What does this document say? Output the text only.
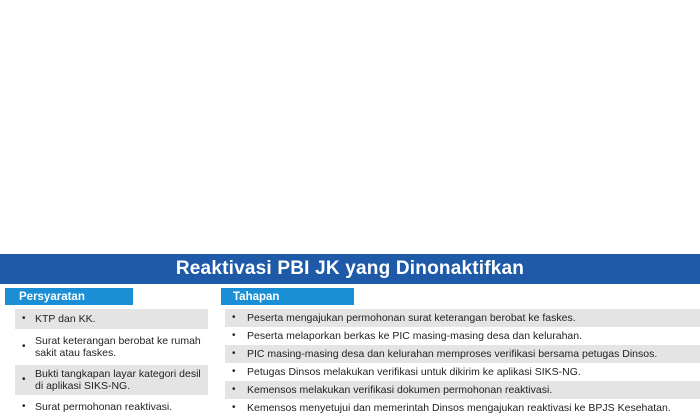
Reaktivasi PBI JK yang Dinonaktifkan
Persyaratan	Tahapan
• KTP dan KK.
• Surat keterangan berobat ke rumah sakit atau faskes.
• Bukti tangkapan layar kategori desil di aplikasi SIKS-NG.
• Surat permohonan reaktivasi.
• Peserta mengajukan permohonan surat keterangan berobat ke faskes.
• Peserta melaporkan berkas ke PIC masing-masing desa dan kelurahan.
• PIC masing-masing desa dan kelurahan memproses verifikasi bersama petugas Dinsos.
• Petugas Dinsos melakukan verifikasi untuk dikirim ke aplikasi SIKS-NG.
• Kemensos melakukan verifikasi dokumen permohonan reaktivasi.
• Kemensos menyetujui dan memerintah Dinsos mengajukan reaktivasi ke BPJS Kesehatan.
